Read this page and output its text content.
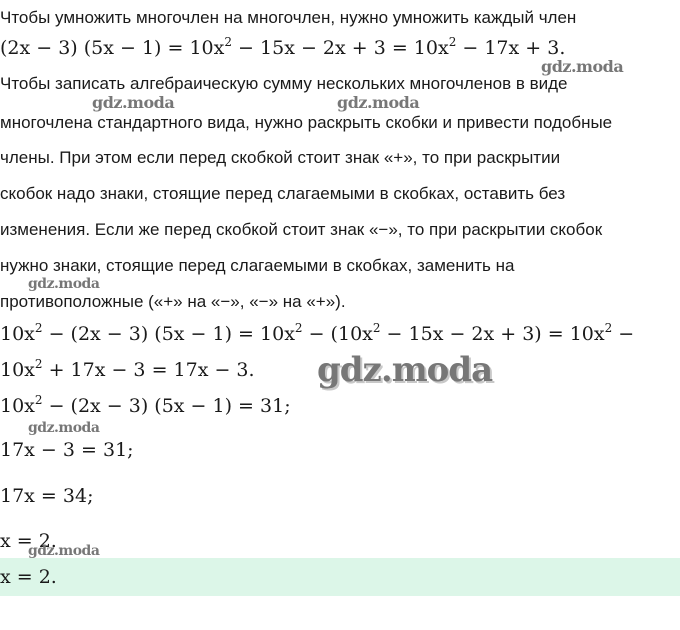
Чтобы умножить многочлен на многочлен, нужно умножить каждый член
(2x − 3) $(5x - 1) = 10x^2 - 15x - 2x + 3 = 10x^2 - 17x + 3$.
Чтобы записать алгебраическую сумму нескольких многочленов в виде
многочлена стандартного вида, нужно раскрыть скобки и привести подобные
члены. При этом если перед скобкой стоит знак «+», то при раскрытии
скобок надо знаки, стоящие перед слагаемыми в скобках, оставить без
изменения. Если же перед скобкой стоит знак «−», то при раскрытии скобок
нужно знаки, стоящие перед слагаемыми в скобках, заменить на
противоположные («+» на «−», «−» на «+»).
$10x^2 - (2x - 3) (5x - 1) = 10x^2 - (10x^2 - 15x - 2x + 3) = 10x^2$ −
$10x^2 + 17x - 3 = 17x - 3$.
$10x^2 - (2x - 3) (5x - 1) = 31$;
17x − 3 = 31;
17x = 34;
x = 2.
x = 2.
gdz.moda
gdz.moda	gdz.moda
gdz.moda
gdz.moda
gdz.moda
gdz.moda
